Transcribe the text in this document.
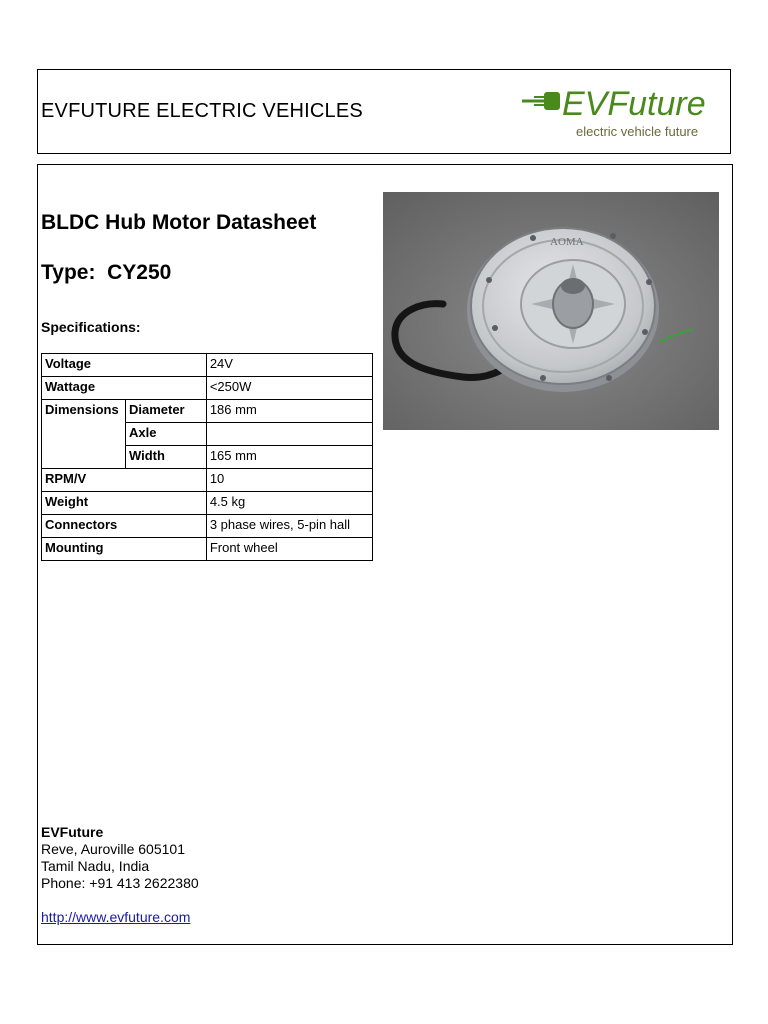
EVFUTURE ELECTRIC VEHICLES	EVFuture
electric vehicle future
BLDC Hub Motor Datasheet
Type:  CY250
Specifications:
Voltage		24V
Wattage		<250W
Dimensions	Diameter	186 mm
	Axle	
	Width	165 mm
RPM/V		10
Weight		4.5 kg
Connectors		3 phase wires, 5-pin hall
Mounting		Front wheel
AOMA
EVFuture
Reve, Auroville 605101
Tamil Nadu, India
Phone: +91 413 2622380
http://www.evfuture.com
